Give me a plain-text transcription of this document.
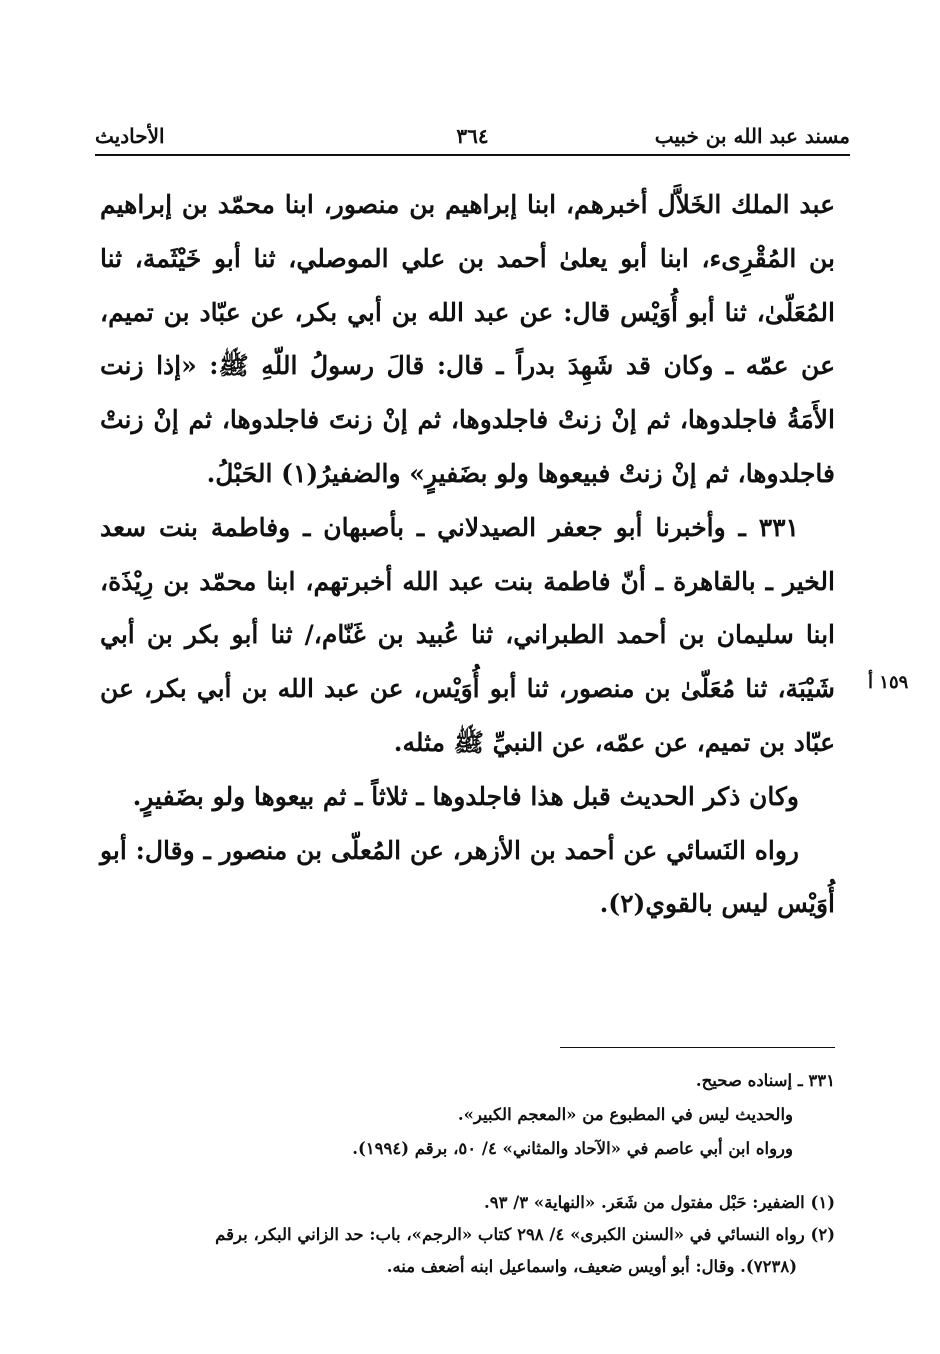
مسند عبد الله بن خبيب
٣٦٤
الأحاديث
١٥٩ أ

عبد الملك الخَلاَّل أخبرهم، ابنا إبراهيم بن منصور، ابنا محمّد بن إبراهيم بن المُقْرِىء، ابنا أبو يعلىٰ أحمد بن علي الموصلي، ثنا أبو خَيْثَمة، ثنا المُعَلّىٰ، ثنا أبو أُوَيْس قال: عن عبد الله بن أبي بكر، عن عبّاد بن تميم، عن عمّه ـ وكان قد شَهِدَ بدراً ـ قال: قالَ رسولُ اللّهِ ﷺ: «إذا زنت الأَمَةُ فاجلدوها، ثم إنْ زنتْ فاجلدوها، ثم إنْ زنتَ فاجلدوها، ثم إنْ زنتْ فاجلدوها، ثم إنْ زنتْ فبيعوها ولو بضَفيرٍ» والضفيرُ(١) الحَبْلُ.

٣٣١ ـ وأخبرنا أبو جعفر الصيدلاني ـ بأصبهان ـ وفاطمة بنت سعد الخير ـ بالقاهرة ـ أنّ فاطمة بنت عبد الله أخبرتهم، ابنا محمّد بن رِيْذَة، ابنا سليمان بن أحمد الطبراني، ثنا عُبيد بن غَنّام،/ ثنا أبو بكر بن أبي شَيْبَة، ثنا مُعَلّىٰ بن منصور، ثنا أبو أُوَيْس، عن عبد الله بن أبي بكر، عن عبّاد بن تميم، عن عمّه، عن النبيِّ ﷺ مثله.

وكان ذكر الحديث قبل هذا فاجلدوها ـ ثلاثاً ـ ثم بيعوها ولو بضَفيرٍ.

رواه النَسائي عن أحمد بن الأزهر، عن المُعلّى بن منصور ـ وقال: أبو أُوَيْس ليس بالقوي(٢).

٣٣١ ـ إسناده صحيح.

والحديث ليس في المطبوع من «المعجم الكبير».

ورواه ابن أبي عاصم في «الآحاد والمثاني» ٤/ ٥٠، برقم (١٩٩٤).

(١) الضفير: حَبْل مفتول من شَعَر. «النهاية» ٣/ ٩٣.

(٢) رواه النسائي في «السنن الكبرى» ٤/ ٢٩٨ كتاب «الرجم»، باب: حد الزاني البكر، برقم

(٧٢٣٨). وقال: أبو أويس ضعيف، واسماعيل ابنه أضعف منه.
